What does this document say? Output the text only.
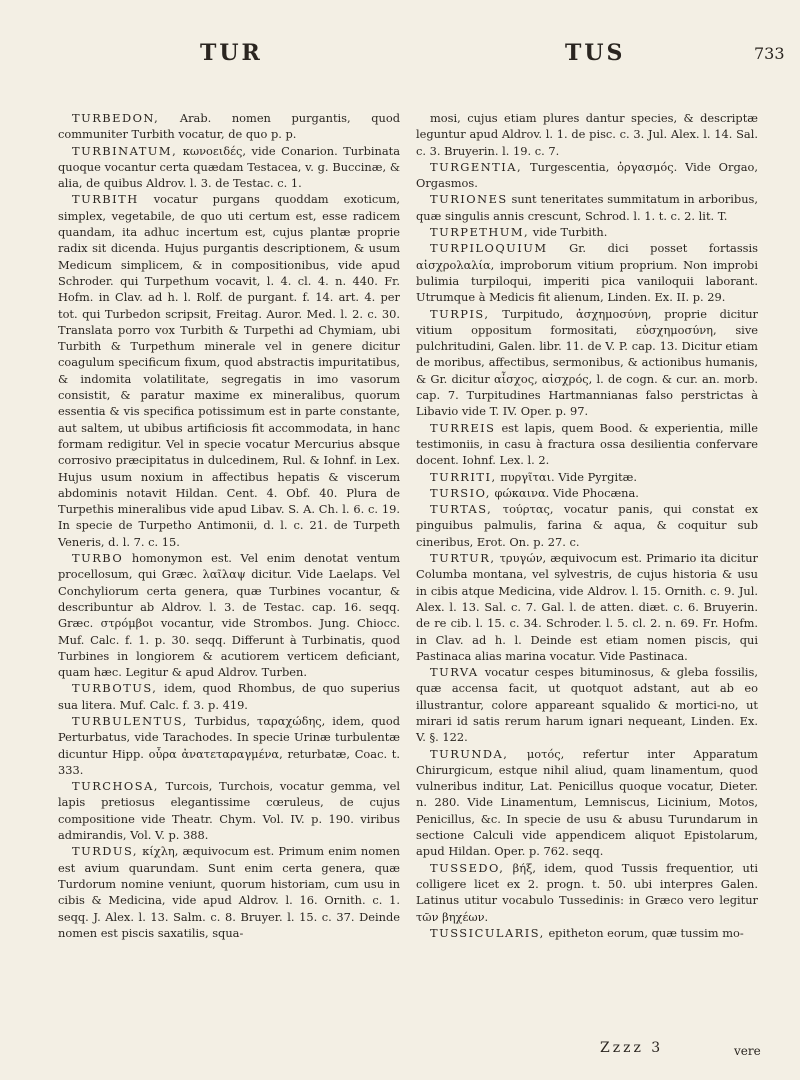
TUR	TUS	733

TURBEDON, Arab. nomen purgantis, quod communiter Turbith vocatur, de quo p. p.

TURBINATUM, κωνοειδές, vide Conarion. Turbinata quoque vocantur certa quædam Testacea, v. g. Buccinæ, & alia, de quibus Aldrov. l. 3. de Testac. c. 1.

TURBITH vocatur purgans quoddam exoticum, simplex, vegetabile, de quo uti certum est, esse radicem quandam, ita adhuc incertum est, cujus plantæ proprie radix sit dicenda. Hujus purgantis descriptionem, & usum Medicum simplicem, & in compositionibus, vide apud Schroder. qui Turpethum vocavit, l. 4. cl. 4. n. 440. Fr. Hofm. in Clav. ad h. l. Rolf. de purgant. f. 14. art. 4. per tot. qui Turbedon scripsit, Freitag. Auror. Med. l. 2. c. 30. Translata porro vox Turbith & Turpethi ad Chymiam, ubi Turbith & Turpethum minerale vel in genere dicitur coagulum specificum fixum, quod abstractis impuritatibus, & indomita volatilitate, segregatis in imo vasorum consistit, & paratur maxime ex mineralibus, quorum essentia & vis specifica potissimum est in parte constante, aut saltem, ut ubibus artificiosis fit accommodata, in hanc formam redigitur. Vel in specie vocatur Mercurius absque corrosivo præcipitatus in dulcedinem, Rul. & Iohnf. in Lex. Hujus usum noxium in affectibus hepatis & viscerum abdominis notavit Hildan. Cent. 4. Obf. 40. Plura de Turpethis mineralibus vide apud Libav. S. A. Ch. l. 6. c. 19. In specie de Turpetho Antimonii, d. l. c. 21. de Turpeth Veneris, d. l. 7. c. 15.

TURBO homonymon est. Vel enim denotat ventum procellosum, qui Græc. λαῖλαψ dicitur. Vide Laelaps. Vel Conchyliorum certa genera, quæ Turbines vocantur, & describuntur ab Aldrov. l. 3. de Testac. cap. 16. seqq. Græc. στρόμβοι vocantur, vide Strombos. Jung. Chiocc. Muf. Calc. f. 1. p. 30. seqq. Differunt à Turbinatis, quod Turbines in longiorem & acutiorem verticem deficiant, quam hæc. Legitur & apud Aldrov. Turben.

TURBOTUS, idem, quod Rhombus, de quo superius sua litera. Muf. Calc. f. 3. p. 419.

TURBULENTUS, Turbidus, ταραχώδης, idem, quod Perturbatus, vide Tarachodes. In specie Urinæ turbulentæ dicuntur Hipp. οὖρα ἀνατεταραγμένα, returbatæ, Coac. t. 333.

TURCHOSA, Turcois, Turchois, vocatur gemma, vel lapis pretiosus elegantissime cœruleus, de cujus compositione vide Theatr. Chym. Vol. IV. p. 190. viribus admirandis, Vol. V. p. 388.

TURDUS, κίχλη, æquivocum est. Primum enim nomen est avium quarundam. Sunt enim certa genera, quæ Turdorum nomine veniunt, quorum historiam, cum usu in cibis & Medicina, vide apud Aldrov. l. 16. Ornith. c. 1. seqq. J. Alex. l. 13. Salm. c. 8. Bruyer. l. 15. c. 37. Deinde nomen est piscis saxatilis, squa-

mosi, cujus etiam plures dantur species, & descriptæ leguntur apud Aldrov. l. 1. de pisc. c. 3. Jul. Alex. l. 14. Sal. c. 3. Bruyerin. l. 19. c. 7.

TURGENTIA, Turgescentia, ὀργασμός. Vide Orgao, Orgasmos.

TURIONES sunt teneritates summitatum in arboribus, quæ singulis annis crescunt, Schrod. l. 1. t. c. 2. lit. T.

TURPETHUM, vide Turbith.

TURPILOQUIUM Gr. dici posset fortassis αἰσχρολαλία, improborum vitium proprium. Non improbi bulimia turpiloqui, imperiti pica vaniloquii laborant. Utrumque à Medicis fit alienum, Linden. Ex. II. p. 29.

TURPIS, Turpitudo, ἀσχημοσύνη, proprie dicitur vitium oppositum formositati, εὐσχημοσύνη, sive pulchritudini, Galen. libr. 11. de V. P. cap. 13. Dicitur etiam de moribus, affectibus, sermonibus, & actionibus humanis, & Gr. dicitur αἶσχος, αἰσχρός, l. de cogn. & cur. an. morb. cap. 7. Turpitudines Hartmannianas falso perstrictas à Libavio vide T. IV. Oper. p. 97.

TURREIS est lapis, quem Bood. & experientia, mille testimoniis, in casu à fractura ossa desilientia confervare docent. Iohnf. Lex. l. 2.

TURRITI, πυργῖται. Vide Pyrgitæ.

TURSIO, φώκαινα. Vide Phocæna.

TURTAS, τούρτας, vocatur panis, qui constat ex pinguibus palmulis, farina & aqua, & coquitur sub cineribus, Erot. On. p. 27. c.

TURTUR, τρυγών, æquivocum est. Primario ita dicitur Columba montana, vel sylvestris, de cujus historia & usu in cibis atque Medicina, vide Aldrov. l. 15. Ornith. c. 9. Jul. Alex. l. 13. Sal. c. 7. Gal. l. de atten. diæt. c. 6. Bruyerin. de re cib. l. 15. c. 34. Schroder. l. 5. cl. 2. n. 69. Fr. Hofm. in Clav. ad h. l. Deinde est etiam nomen piscis, qui Pastinaca alias marina vocatur. Vide Pastinaca.

TURVA vocatur cespes bituminosus, & gleba fossilis, quæ accensa facit, ut quotquot adstant, aut ab eo illustrantur, colore appareant squalido & mortici-no, ut mirari id satis rerum harum ignari nequeant, Linden. Ex. V. §. 122.

TURUNDA, μοτός, refertur inter Apparatum Chirurgicum, estque nihil aliud, quam linamentum, quod vulneribus inditur, Lat. Penicillus quoque vocatur, Dieter. n. 280. Vide Linamentum, Lemniscus, Licinium, Motos, Penicillus, &c. In specie de usu & abusu Turundarum in sectione Calculi vide appendicem aliquot Epistolarum, apud Hildan. Oper. p. 762. seqq.

TUSSEDO, βήξ, idem, quod Tussis frequentior, uti colligere licet ex 2. progn. t. 50. ubi interpres Galen. Latinus utitur vocabulo Tussedinis: in Græco vero legitur τῶν βηχέων.

TUSSICULARIS, epitheton eorum, quæ tussim mo-

Zzzz 3	vere
